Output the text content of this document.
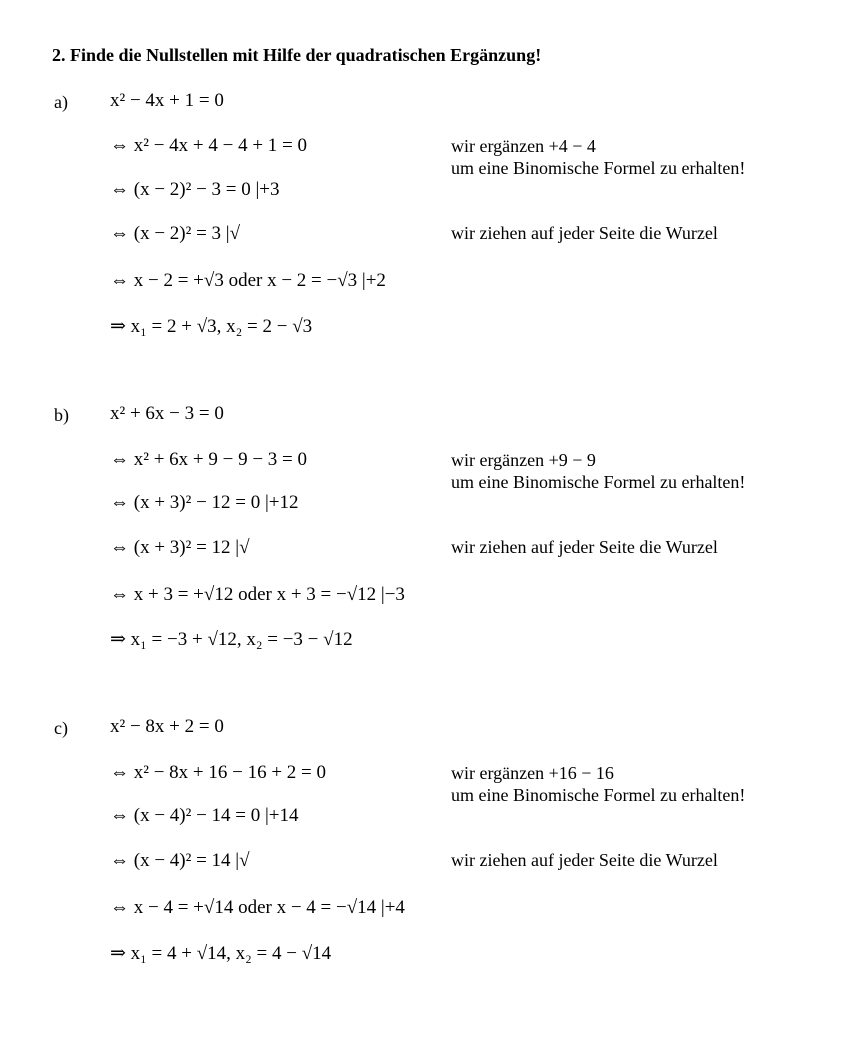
2. Finde die Nullstellen mit Hilfe der quadratischen Ergänzung!
a) x² − 4x + 1 = 0
⇔ x² − 4x + 4 − 4 + 1 = 0	wir ergänzen +4 − 4
um eine Binomische Formel zu erhalten!
⇔ (x − 2)² − 3 = 0 |+3
⇔ (x − 2)² = 3 |√	wir ziehen auf jeder Seite die Wurzel
⇔ x − 2 = +√3 oder x − 2 = −√3 |+2
⇒ x₁ = 2 + √3, x₂ = 2 − √3
b) x² + 6x − 3 = 0
⇔ x² + 6x + 9 − 9 − 3 = 0	wir ergänzen +9 − 9
um eine Binomische Formel zu erhalten!
⇔ (x + 3)² − 12 = 0 |+12
⇔ (x + 3)² = 12 |√	wir ziehen auf jeder Seite die Wurzel
⇔ x + 3 = +√12 oder x + 3 = −√12 |−3
⇒ x₁ = −3 + √12, x₂ = −3 − √12
c) x² − 8x + 2 = 0
⇔ x² − 8x + 16 − 16 + 2 = 0	wir ergänzen +16 − 16
um eine Binomische Formel zu erhalten!
⇔ (x − 4)² − 14 = 0 |+14
⇔ (x − 4)² = 14 |√	wir ziehen auf jeder Seite die Wurzel
⇔ x − 4 = +√14 oder x − 4 = −√14 |+4
⇒ x₁ = 4 + √14, x₂ = 4 − √14
